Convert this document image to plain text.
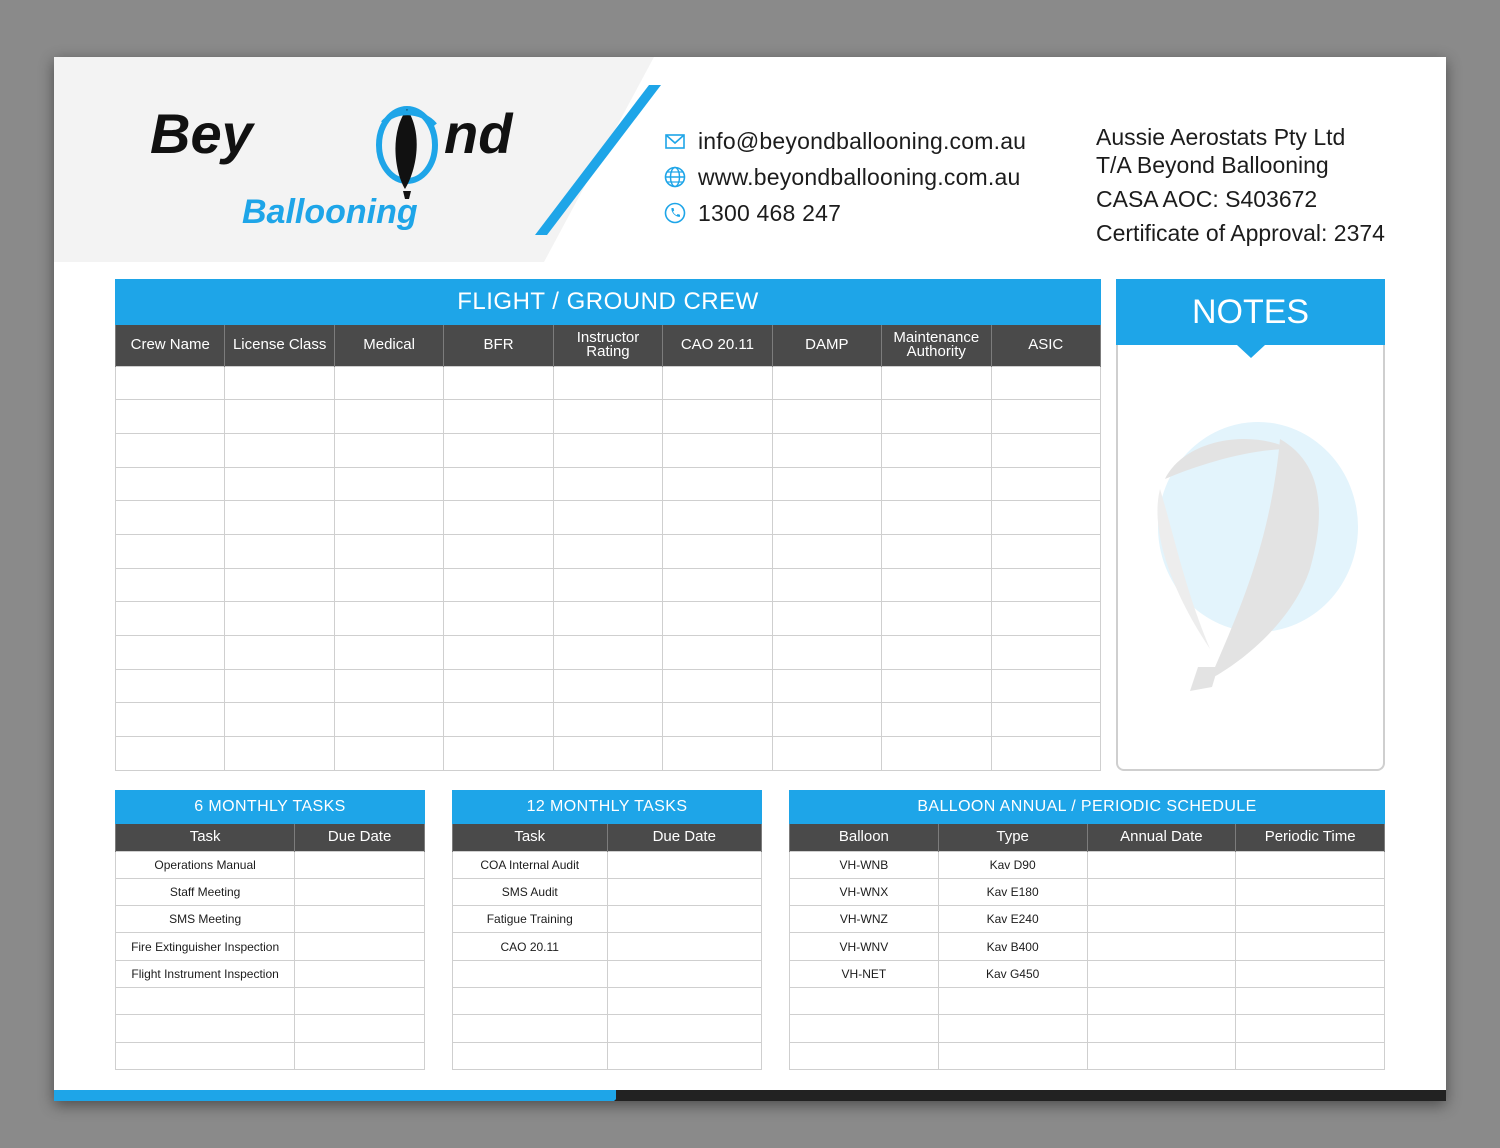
Bey	nd
Ballooning
info@beyondballooning.com.au
www.beyondballooning.com.au
1300 468 247
Aussie Aerostats Pty Ltd
T/A Beyond Ballooning
CASA AOC: S403672
Certificate of Approval: 2374
FLIGHT / GROUND CREW
Crew Name	License Class	Medical	BFR	Instructor Rating	CAO 20.11	DAMP	Maintenance Authority	ASIC

NOTES
6 MONTHLY TASKS
Task	Due Date
Operations Manual	
Staff Meeting	
SMS Meeting	
Fire Extinguisher Inspection	
Flight Instrument Inspection	

12 MONTHLY TASKS
Task	Due Date
COA Internal Audit	
SMS Audit	
Fatigue Training	
CAO 20.11	

BALLOON ANNUAL / PERIODIC SCHEDULE
Balloon	Type	Annual Date	Periodic Time
VH-WNB	Kav D90		
VH-WNX	Kav E180		
VH-WNZ	Kav E240		
VH-WNV	Kav B400		
VH-NET	Kav G450		
